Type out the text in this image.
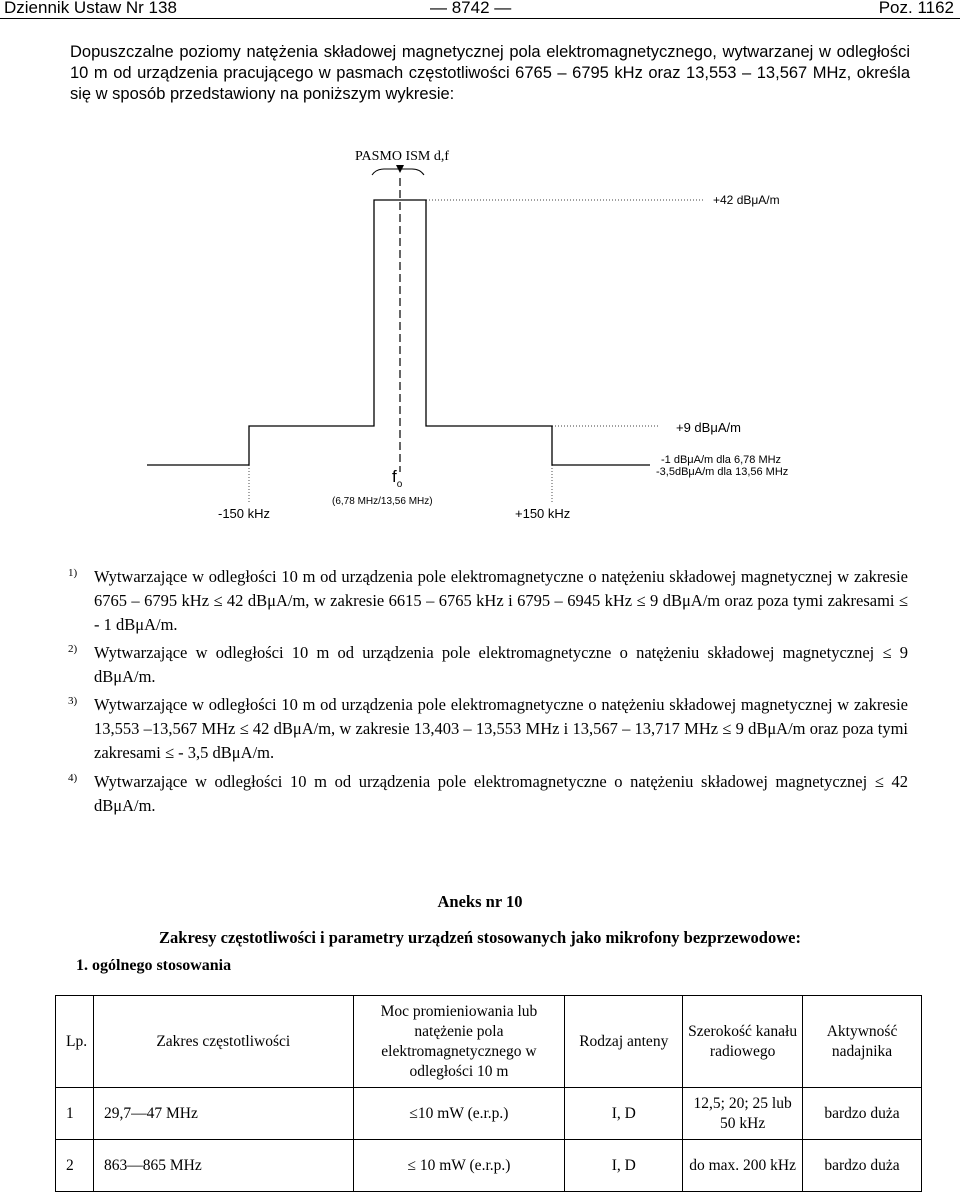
Dziennik Ustaw Nr 138	— 8742 —	Poz. 1162
Dopuszczalne poziomy natężenia składowej magnetycznej pola elektromagnetycznego, wytwarzanej w odległości 10 m od urządzenia pracującego w pasmach częstotliwości 6765 – 6795 kHz oraz 13,553 – 13,567 MHz, określa się w sposób przedstawiony na poniższym wykresie:
PASMO ISM d,f
+42 dBμA/m
+9 dBμA/m
-1 dBμA/m dla 6,78 MHz
-3,5dBμA/m dla 13,56 MHz
-150 kHz	+150 kHz
$f_o$
(6,78 MHz/13,56 MHz)
1) Wytwarzające w odległości 10 m od urządzenia pole elektromagnetyczne o natężeniu składowej magnetycznej w zakresie 6765 – 6795 kHz ≤ 42 dBμA/m, w zakresie 6615 – 6765 kHz i 6795 – 6945 kHz ≤ 9 dBμA/m oraz poza tymi zakresami ≤ - 1 dBμA/m.
2) Wytwarzające w odległości 10 m od urządzenia pole elektromagnetyczne o natężeniu składowej magnetycznej ≤ 9 dBμA/m.
3) Wytwarzające w odległości 10 m od urządzenia pole elektromagnetyczne o natężeniu składowej magnetycznej w zakresie 13,553 –13,567 MHz ≤ 42 dBμA/m, w zakresie 13,403 – 13,553 MHz i 13,567 – 13,717 MHz ≤ 9 dBμA/m oraz poza tymi zakresami ≤ - 3,5 dBμA/m.
4) Wytwarzające w odległości 10 m od urządzenia pole elektromagnetyczne o natężeniu składowej magnetycznej ≤ 42 dBμA/m.
Aneks nr 10
Zakresy częstotliwości i parametry urządzeń stosowanych jako mikrofony bezprzewodowe:
1. ogólnego stosowania
Lp.	Zakres częstotliwości	Moc promieniowania lub natężenie pola elektromagnetycznego w odległości 10 m	Rodzaj anteny	Szerokość kanału radiowego	Aktywność nadajnika
1	29,7—47 MHz	≤10 mW (e.r.p.)	I, D	12,5; 20; 25 lub 50 kHz	bardzo duża
2	863—865 MHz	≤ 10 mW (e.r.p.)	I, D	do max. 200 kHz	bardzo duża
